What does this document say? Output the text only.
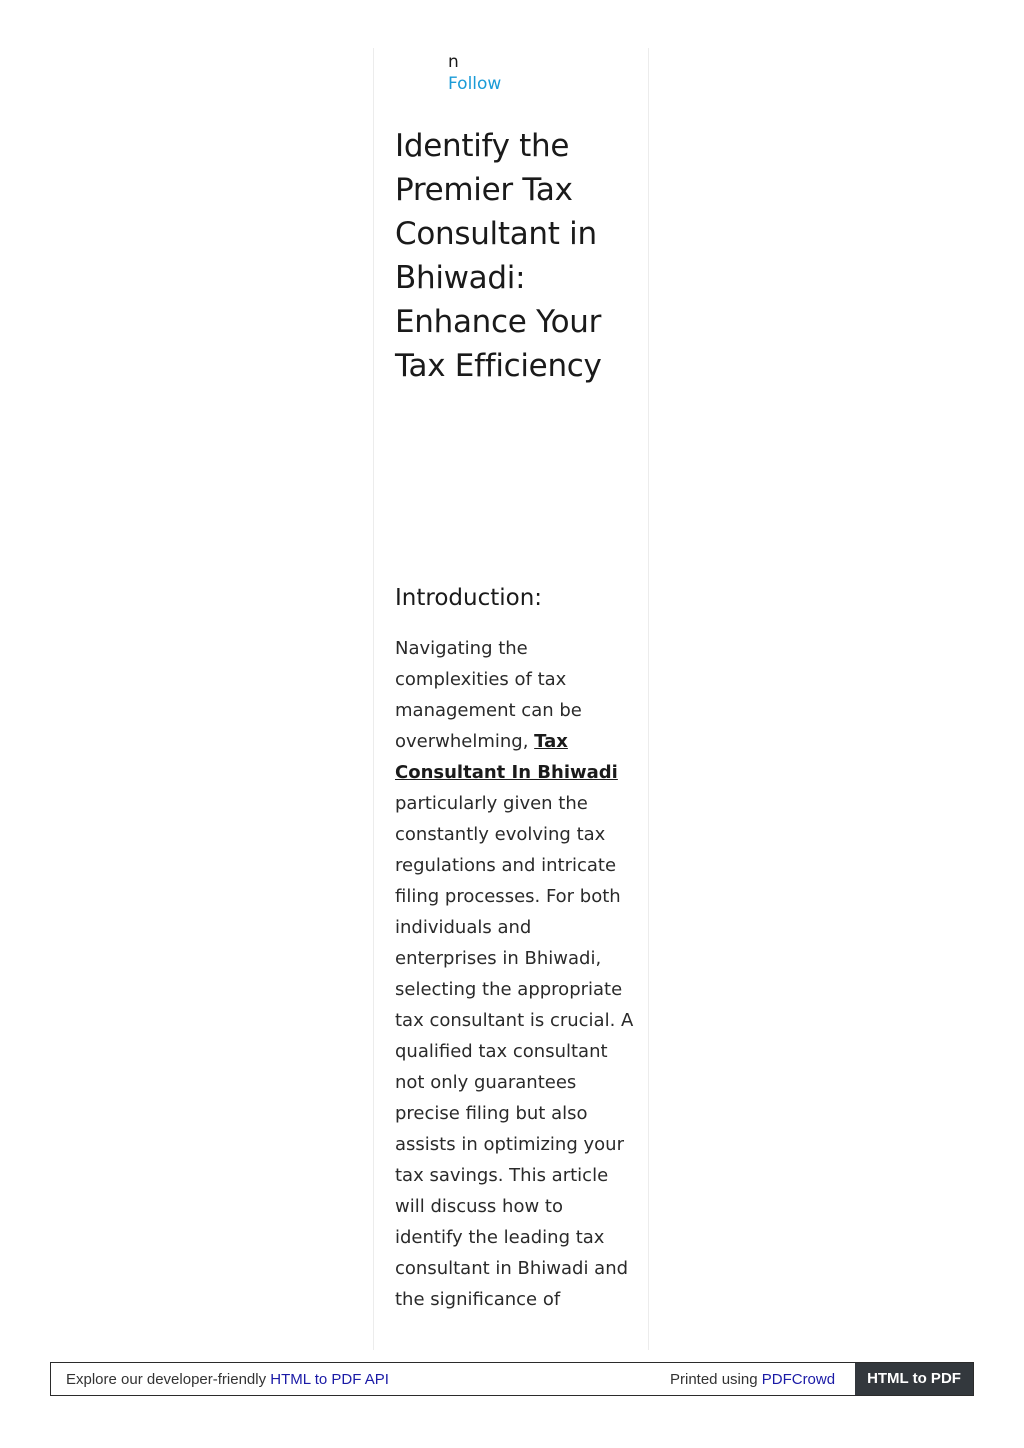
n
Follow
Identify the Premier Tax Consultant in Bhiwadi: Enhance Your Tax Efficiency
Introduction:

Navigating the complexities of tax management can be overwhelming, Tax Consultant In Bhiwadi particularly given the constantly evolving tax regulations and intricate filing processes. For both individuals and enterprises in Bhiwadi, selecting the appropriate tax consultant is crucial. A qualified tax consultant not only guarantees precise filing but also assists in optimizing your tax savings. This article will discuss how to identify the leading tax consultant in Bhiwadi and the significance of

Explore our developer-friendly HTML to PDF API	Printed using PDFCrowd	HTML to PDF
